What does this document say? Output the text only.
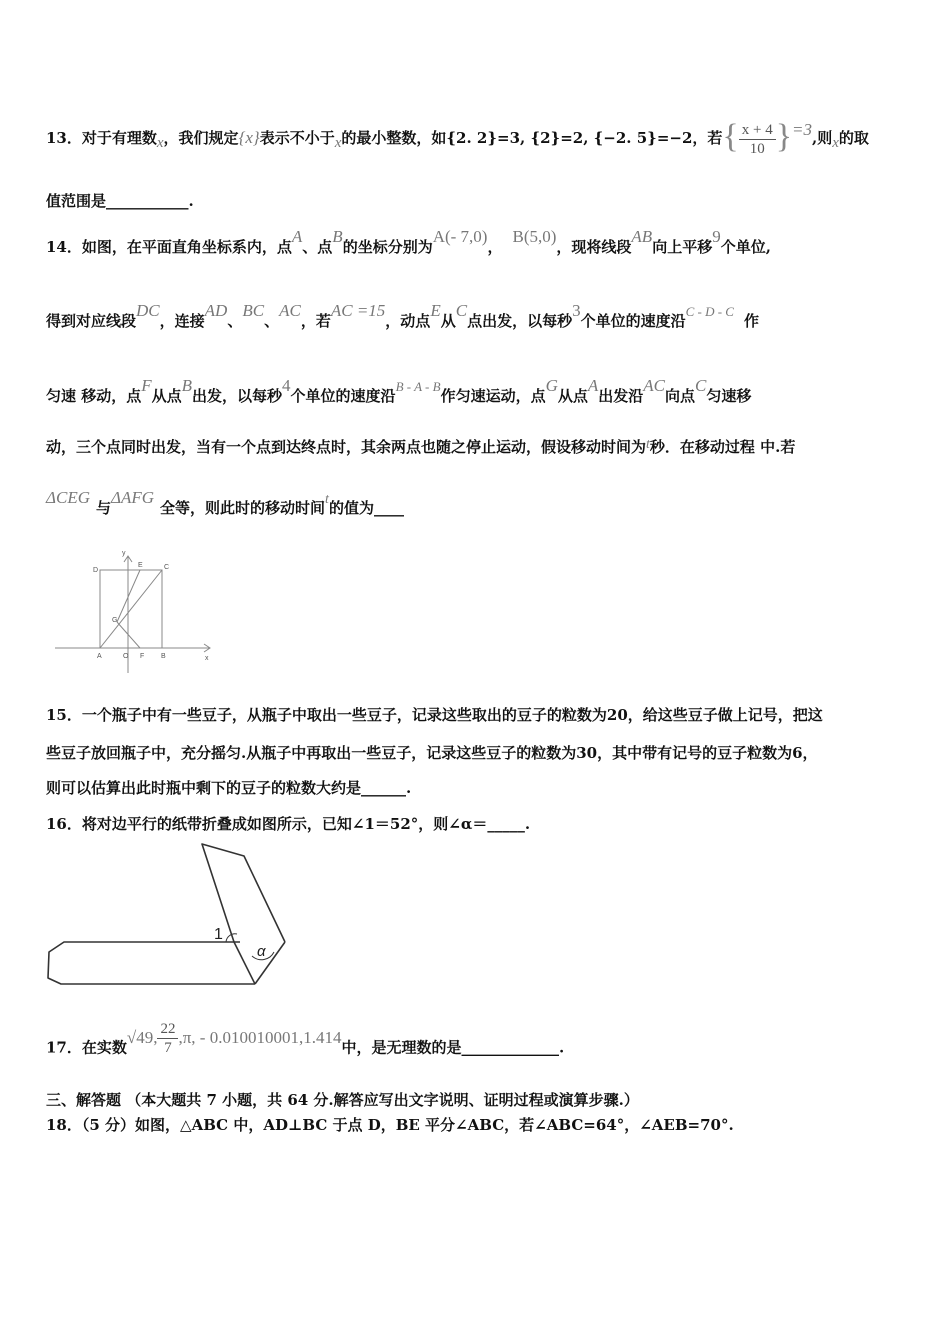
13．对于有理数x，我们规定{x}表示不小于x的最小整数，如{2. 2}=3, {2}=2, {−2. 5}=−2，若{ $\frac{x + 4}{10} \}=3$,则x的取
值范围是___________.
14．如图，在平面直角坐标系内，点A、点B的坐标分别为A(- 7,0)，B(5,0)，现将线段AB向上平移9个单位,
得到对应线段DC，连接AD、BC、AC，若AC =15，动点E从C点出发，以每秒3个单位的速度沿C - D - C作
匀速 移动，点F从点B出发，以每秒4个单位的速度沿B - A - B作匀速运动，点G从点A出发沿AC向点C匀速移
动，三个点同时出发，当有一个点到达终点时，其余两点也随之停止运动，假设移动时间为t秒．在移动过程 中.若
ΔCEG与ΔAFG全等，则此时的移动时间t的值为____
D
E	C
G
A	O F B
y
x
15．一个瓶子中有一些豆子，从瓶子中取出一些豆子，记录这些取出的豆子的粒数为20，给这些豆子做上记号，把这
些豆子放回瓶子中，充分摇匀.从瓶子中再取出一些豆子，记录这些豆子的粒数为30，其中带有记号的豆子粒数为6，
则可以估算出此时瓶中剩下的豆子的粒数大约是______.
16．将对边平行的纸带折叠成如图所示，已知∠1＝52°，则∠α＝_____.
1
α
17．在实数√49, $\frac{22}{7} ,\pi$, - 0.010010001,1.414中，是无理数的是_____________.
三、解答题 （本大题共 7 小题，共 64 分.解答应写出文字说明、证明过程或演算步骤.）
18．（5 分）如图，△ABC 中，AD⊥BC 于点 D，BE 平分∠ABC，若∠ABC=64°，∠AEB=70°.
